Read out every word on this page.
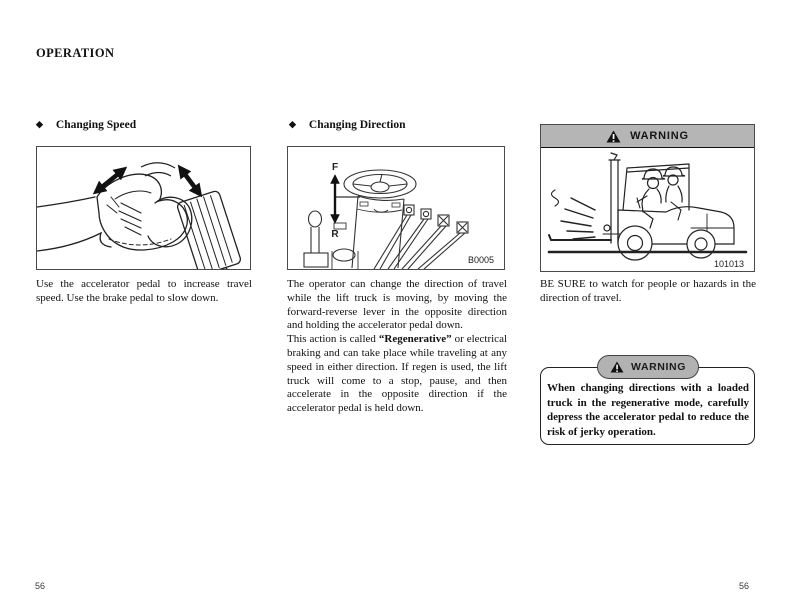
OPERATION
◆ Changing Speed

Use the accelerator pedal to increase travel speed. Use the brake pedal to slow down.

◆ Changing Direction
F
R
B0005

The operator can change the direction of travel while the lift truck is moving, by moving the forward-reverse lever in the opposite direction and holding the accelerator pedal down.
This action is called “Regenerative” or electrical braking and can take place while traveling at any speed in either direction. If regen is used, the lift truck will come to a stop, pause, and then accelerate in the opposite direction if the accelerator pedal is held down.

WARNING
101013

BE SURE to watch for people or hazards in the direction of travel.

WARNING

When changing directions with a loaded truck in the regenerative mode, carefully depress the accelerator pedal to reduce the risk of jerky operation.

56	56
